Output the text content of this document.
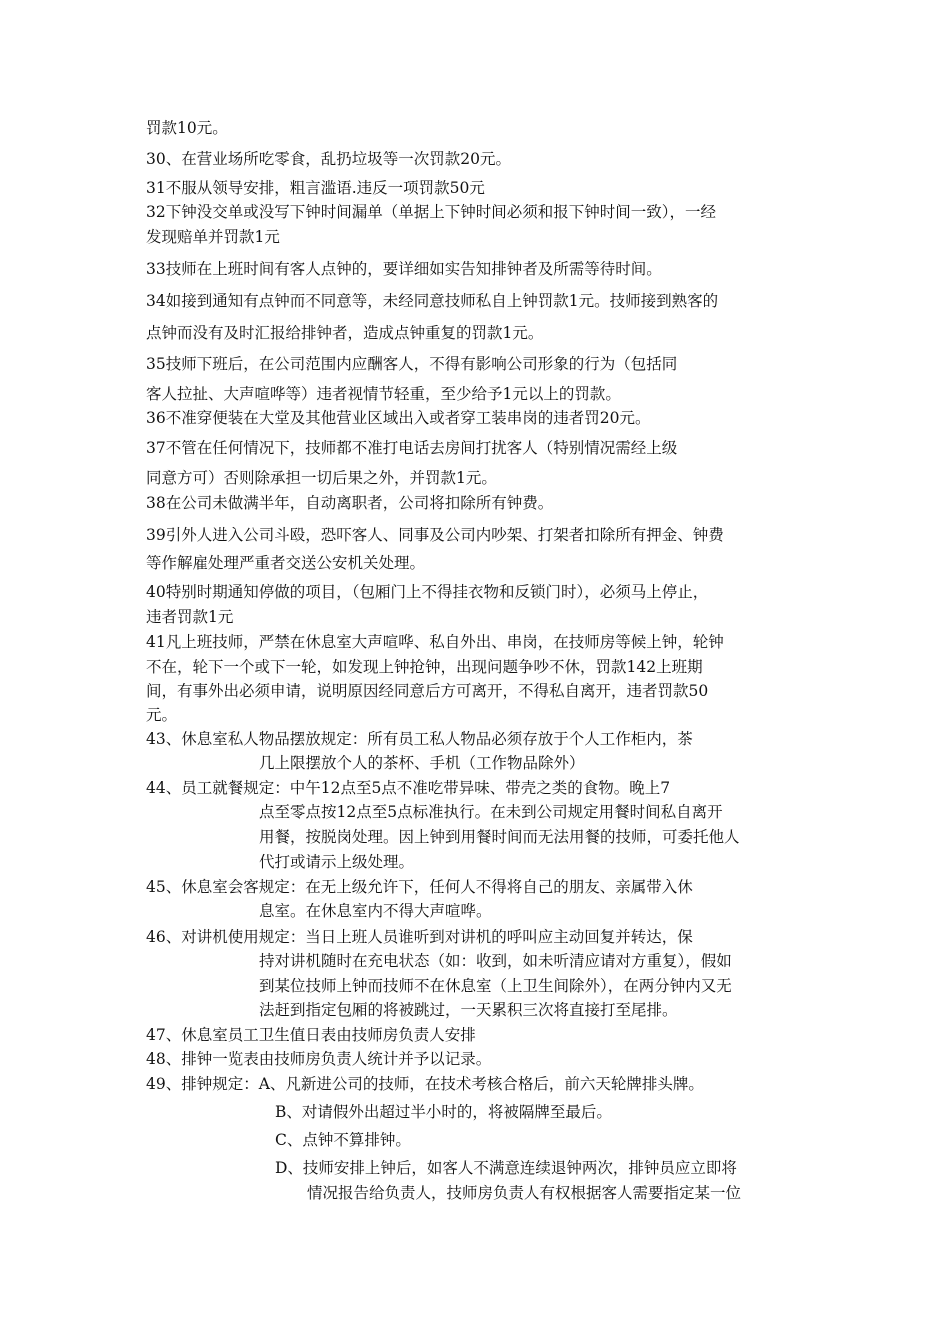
罚款10元。
30、在营业场所吃零食，乱扔垃圾等一次罚款20元。
31不服从领导安排，粗言滥语.违反一项罚款50元
32下钟没交单或没写下钟时间漏单（单据上下钟时间必须和报下钟时间一致），一经
发现赔单并罚款1元
33技师在上班时间有客人点钟的，要详细如实告知排钟者及所需等待时间。
34如接到通知有点钟而不同意等，未经同意技师私自上钟罚款1元。技师接到熟客的
点钟而没有及时汇报给排钟者，造成点钟重复的罚款1元。
35技师下班后，在公司范围内应酬客人，不得有影响公司形象的行为（包括同
客人拉扯、大声喧哗等）违者视情节轻重，至少给予1元以上的罚款。
36不准穿便装在大堂及其他营业区域出入或者穿工装串岗的违者罚20元。
37不管在任何情况下，技师都不准打电话去房间打扰客人（特别情况需经上级
同意方可）否则除承担一切后果之外，并罚款1元。
38在公司未做满半年，自动离职者，公司将扣除所有钟费。
39引外人进入公司斗殴，恐吓客人、同事及公司内吵架、打架者扣除所有押金、钟费
等作解雇处理严重者交送公安机关处理。
40特别时期通知停做的项目，（包厢门上不得挂衣物和反锁门时），必须马上停止，
违者罚款1元
41凡上班技师，严禁在休息室大声喧哗、私自外出、串岗，在技师房等候上钟，轮钟
不在，轮下一个或下一轮，如发现上钟抢钟，出现问题争吵不休，罚款142上班期
间，有事外出必须申请，说明原因经同意后方可离开，不得私自离开，违者罚款50
元。
43、休息室私人物品摆放规定：所有员工私人物品必须存放于个人工作柜内，茶
几上限摆放个人的茶杯、手机（工作物品除外）
44、员工就餐规定：中午12点至5点不准吃带异味、带壳之类的食物。晚上7
点至零点按12点至5点标准执行。在未到公司规定用餐时间私自离开
用餐，按脱岗处理。因上钟到用餐时间而无法用餐的技师，可委托他人
代打或请示上级处理。
45、休息室会客规定：在无上级允许下，任何人不得将自己的朋友、亲属带入休
息室。在休息室内不得大声喧哗。
46、对讲机使用规定：当日上班人员谁听到对讲机的呼叫应主动回复并转达，保
持对讲机随时在充电状态（如：收到，如未听清应请对方重复），假如
到某位技师上钟而技师不在休息室（上卫生间除外），在两分钟内又无
法赶到指定包厢的将被跳过，一天累积三次将直接打至尾排。
47、休息室员工卫生值日表由技师房负责人安排
48、排钟一览表由技师房负责人统计并予以记录。
49、排钟规定：A、凡新进公司的技师，在技术考核合格后，前六天轮牌排头牌。
B、对请假外出超过半小时的，将被隔牌至最后。
C、点钟不算排钟。
D、技师安排上钟后，如客人不满意连续退钟两次，排钟员应立即将
情况报告给负责人，技师房负责人有权根据客人需要指定某一位
